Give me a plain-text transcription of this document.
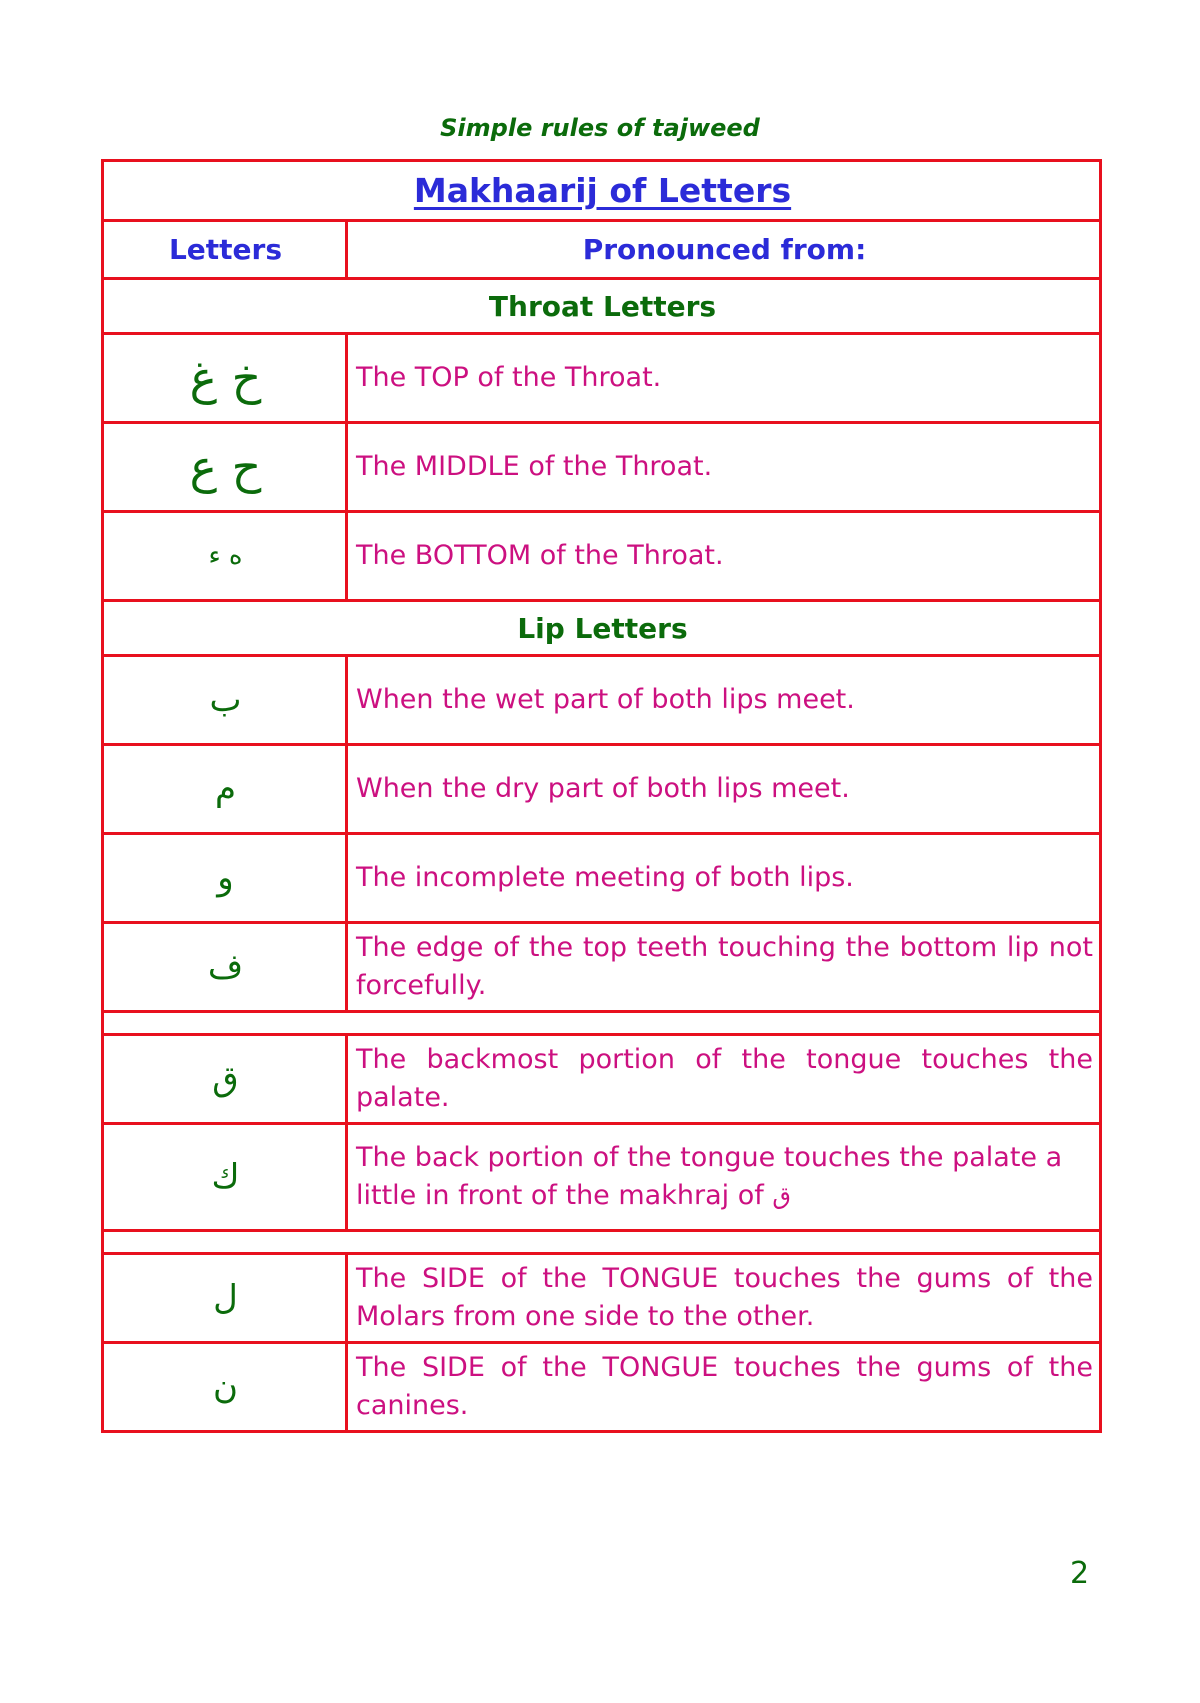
Simple rules of tajweed
Makhaarij of Letters	
Letters	Pronounced from:
Throat Letters	
خ غ	The TOP of the Throat.
ح ع	The MIDDLE of the Throat.
ه ء	The BOTTOM of the Throat.
Lip Letters	
ب	When the wet part of both lips meet.
م	When the dry part of both lips meet.
و	The incomplete meeting of both lips.
ف	The edge of the top teeth touching the bottom lip not forcefully.

ق	The backmost portion of the tongue touches the palate.
ك	The back portion of the tongue touches the palate a little in front of the makhraj of ق

ل	The SIDE of the TONGUE touches the gums of the Molars from one side to the other.
ن	The SIDE of the TONGUE touches the gums of the canines.
2
